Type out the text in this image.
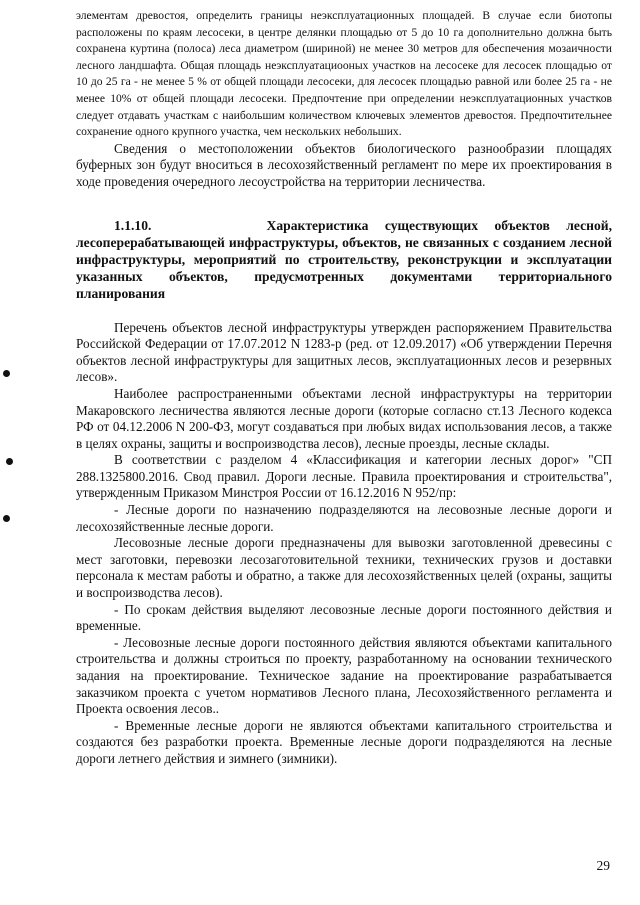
элементам древостоя, определить границы неэксплуатационных площадей. В случае если биотопы расположены по краям лесосеки, в центре делянки площадью от 5 до 10 га дополнительно должна быть сохранена куртина (полоса) леса диаметром (шириной) не менее 30 метров для обеспечения мозаичности лесного ландшафта. Общая площадь неэксплуатациооных участков на лесосеке для лесосек площадью от 10 до 25 га - не менее 5 % от общей площади лесосеки, для лесосек площадью равной или более 25 га - не менее 10% от общей площади лесосеки. Предпочтение при определении неэксплуатационных участков следует отдавать участкам с наибольшим количеством ключевых элементов древостоя. Предпочтительнее сохранение одного крупного участка, чем нескольких небольших.

Сведения о местоположении объектов биологического разнообразии площадях буферных зон будут вноситься в лесохозяйственный регламент по мере их проектирования в ходе проведения очередного лесоустройства на территории лесничества.

1.1.10.	Характеристика существующих объектов лесной, лесоперерабатывающей инфраструктуры, объектов, не связанных с созданием лесной инфраструктуры, мероприятий по строительству, реконструкции и эксплуатации указанных объектов, предусмотренных документами территориального планирования

Перечень объектов лесной инфраструктуры утвержден распоряжением Правительства Российской Федерации от 17.07.2012 N 1283-р (ред. от 12.09.2017) «Об утверждении Перечня объектов лесной инфраструктуры для защитных лесов, эксплуатационных лесов и резервных лесов».

Наиболее распространенными объектами лесной инфраструктуры на территории Макаровского лесничества являются лесные дороги (которые согласно ст.13 Лесного кодекса РФ от 04.12.2006 N 200-ФЗ, могут создаваться при любых видах использования лесов, а также в целях охраны, защиты и воспроизводства лесов), лесные проезды, лесные склады.

В соответствии с разделом 4 «Классификация и категории лесных дорог» "СП 288.1325800.2016. Свод правил. Дороги лесные. Правила проектирования и строительства", утвержденным Приказом Минстроя России от 16.12.2016 N 952/пр:

- Лесные дороги по назначению подразделяются на лесовозные лесные дороги и лесохозяйственные лесные дороги.

Лесовозные лесные дороги предназначены для вывозки заготовленной древесины с мест заготовки, перевозки лесозаготовительной техники, технических грузов и доставки персонала к местам работы и обратно, а также для лесохозяйственных целей (охраны, защиты и воспроизводства лесов).

- По срокам действия выделяют лесовозные лесные дороги постоянного действия и временные.

- Лесовозные лесные дороги постоянного действия являются объектами капитального строительства и должны строиться по проекту, разработанному на основании технического задания на проектирование. Техническое задание на проектирование разрабатывается заказчиком проекта с учетом нормативов Лесного плана, Лесохозяйственного регламента и Проекта освоения лесов..

- Временные лесные дороги не являются объектами капитального строительства и создаются без разработки проекта. Временные лесные дороги подразделяются на лесные дороги летнего действия и зимнего (зимники).

29
